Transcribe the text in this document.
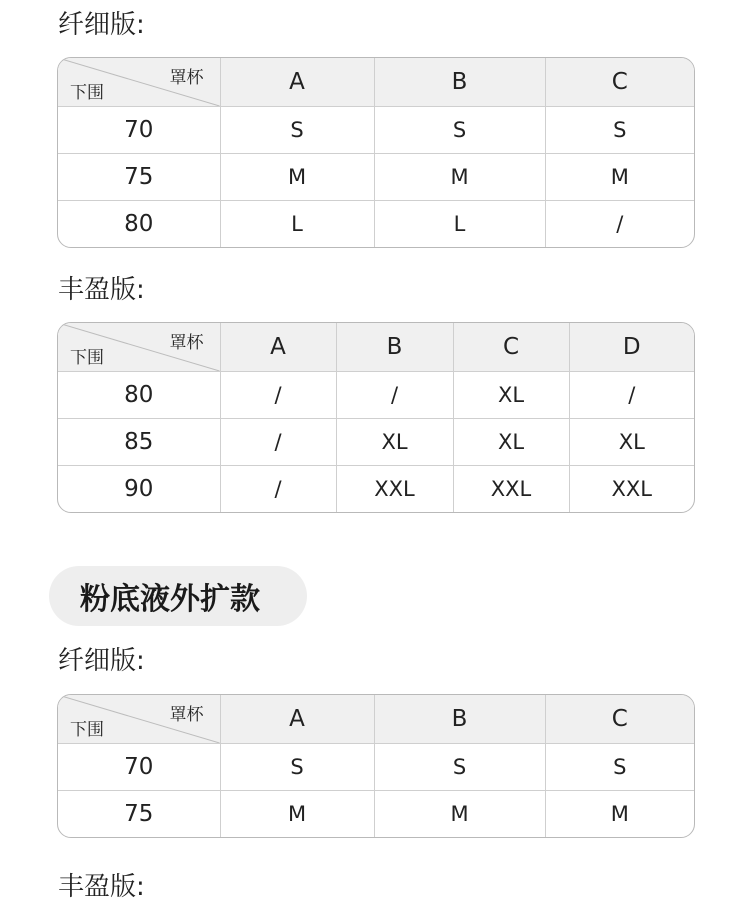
纤细版:
罩杯
下围	A	B	C
70	S	S	S
75	M	M	M
80	L	L	/
丰盈版:
罩杯
下围	A	B	C	D
80	/	/	XL	/
85	/	XL	XL	XL
90	/	XXL	XXL	XXL
粉底液外扩款
纤细版:
罩杯
下围	A	B	C
70	S	S	S
75	M	M	M
丰盈版:
